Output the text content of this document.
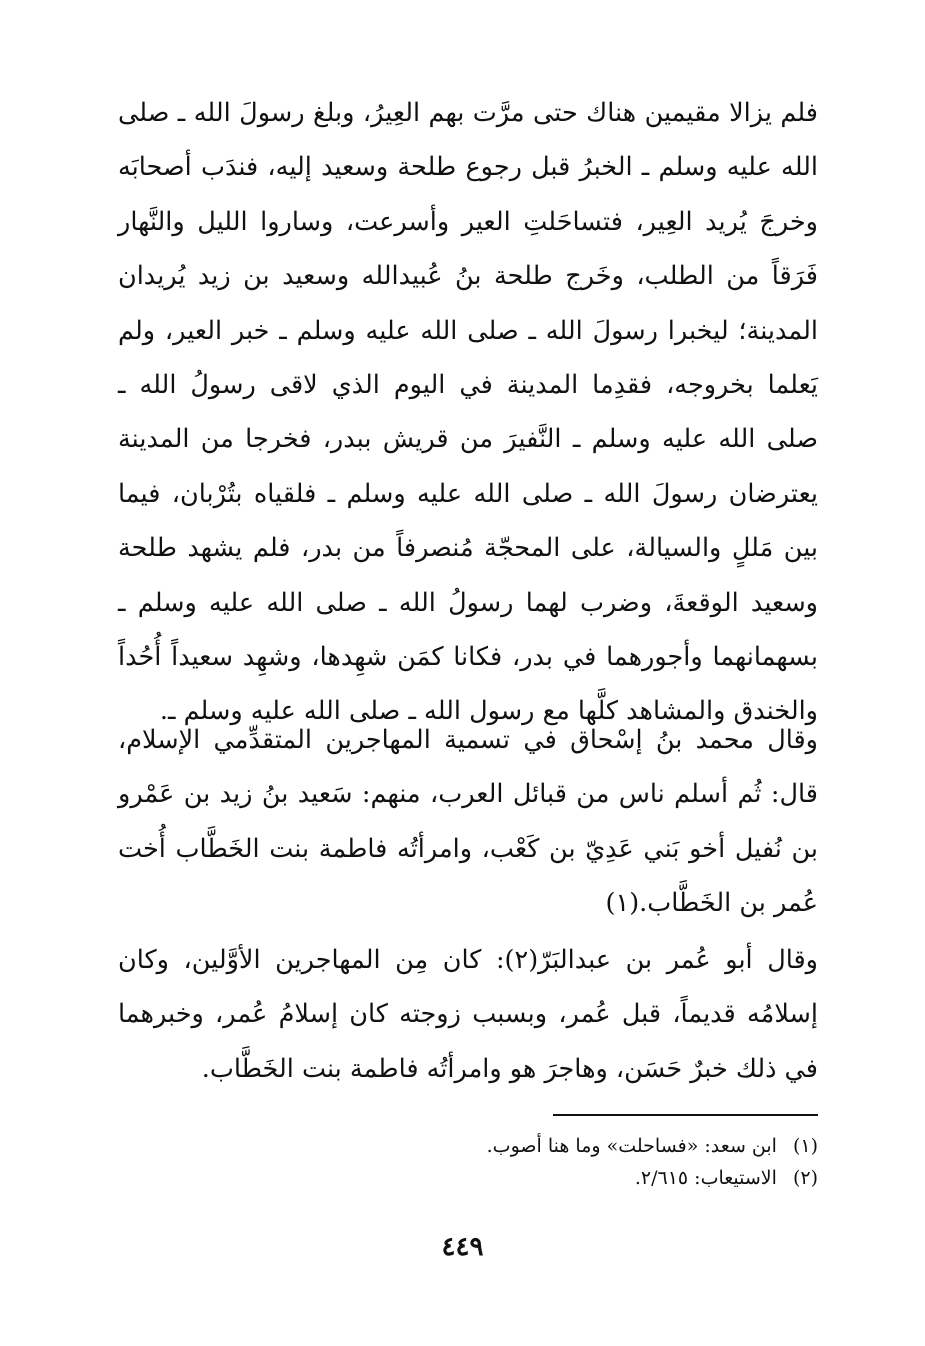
فلم يزالا مقيمين هناك حتى مرَّت بهم العِيرُ، وبلغ رسولَ الله ـ صلى الله عليه وسلم ـ الخبرُ قبل رجوع طلحة وسعيد إليه، فندَب أصحابَه وخرجَ يُريد العِير، فتساحَلتِ العير وأسرعت، وساروا الليل والنَّهار فَرَقاً من الطلب، وخَرج طلحة بنُ عُبيدالله وسعيد بن زيد يُريدان المدينة؛ ليخبرا رسولَ الله ـ صلى الله عليه وسلم ـ خبر العير، ولم يَعلما بخروجه، فقدِما المدينة في اليوم الذي لاقى رسولُ الله ـ صلى الله عليه وسلم ـ النَّفيرَ من قريش ببدر، فخرجا من المدينة يعترضان رسولَ الله ـ صلى الله عليه وسلم ـ فلقياه بتُرْبان، فيما بين مَللٍ والسيالة، على المحجّة مُنصرفاً من بدر، فلم يشهد طلحة وسعيد الوقعةَ، وضرب لهما رسولُ الله ـ صلى الله عليه وسلم ـ بسهمانهما وأجورهما في بدر، فكانا كمَن شهِدها، وشهِد سعيداً أُحُداً والخندق والمشاهد كلَّها مع رسول الله ـ صلى الله عليه وسلم ـ.

وقال محمد بنُ إسْحاق في تسمية المهاجرين المتقدِّمي الإسلام، قال: ثُم أسلم ناس من قبائل العرب، منهم: سَعيد بنُ زيد بن عَمْرو بن نُفيل أخو بَني عَدِيّ بن كَعْب، وامرأتُه فاطمة بنت الخَطَّاب أُخت عُمر بن الخَطَّاب.(١)

وقال أبو عُمر بن عبدالبَرّ(٢): كان مِن المهاجرين الأوَّلين، وكان إسلامُه قديماً، قبل عُمر، وبسبب زوجته كان إسلامُ عُمر، وخبرهما في ذلك خبرٌ حَسَن، وهاجرَ هو وامرأتُه فاطمة بنت الخَطَّاب.

(١)ابن سعد: «فساحلت» وما هنا أصوب.
(٢)الاستيعاب: ٢/٦١٥.

٤٤٩
